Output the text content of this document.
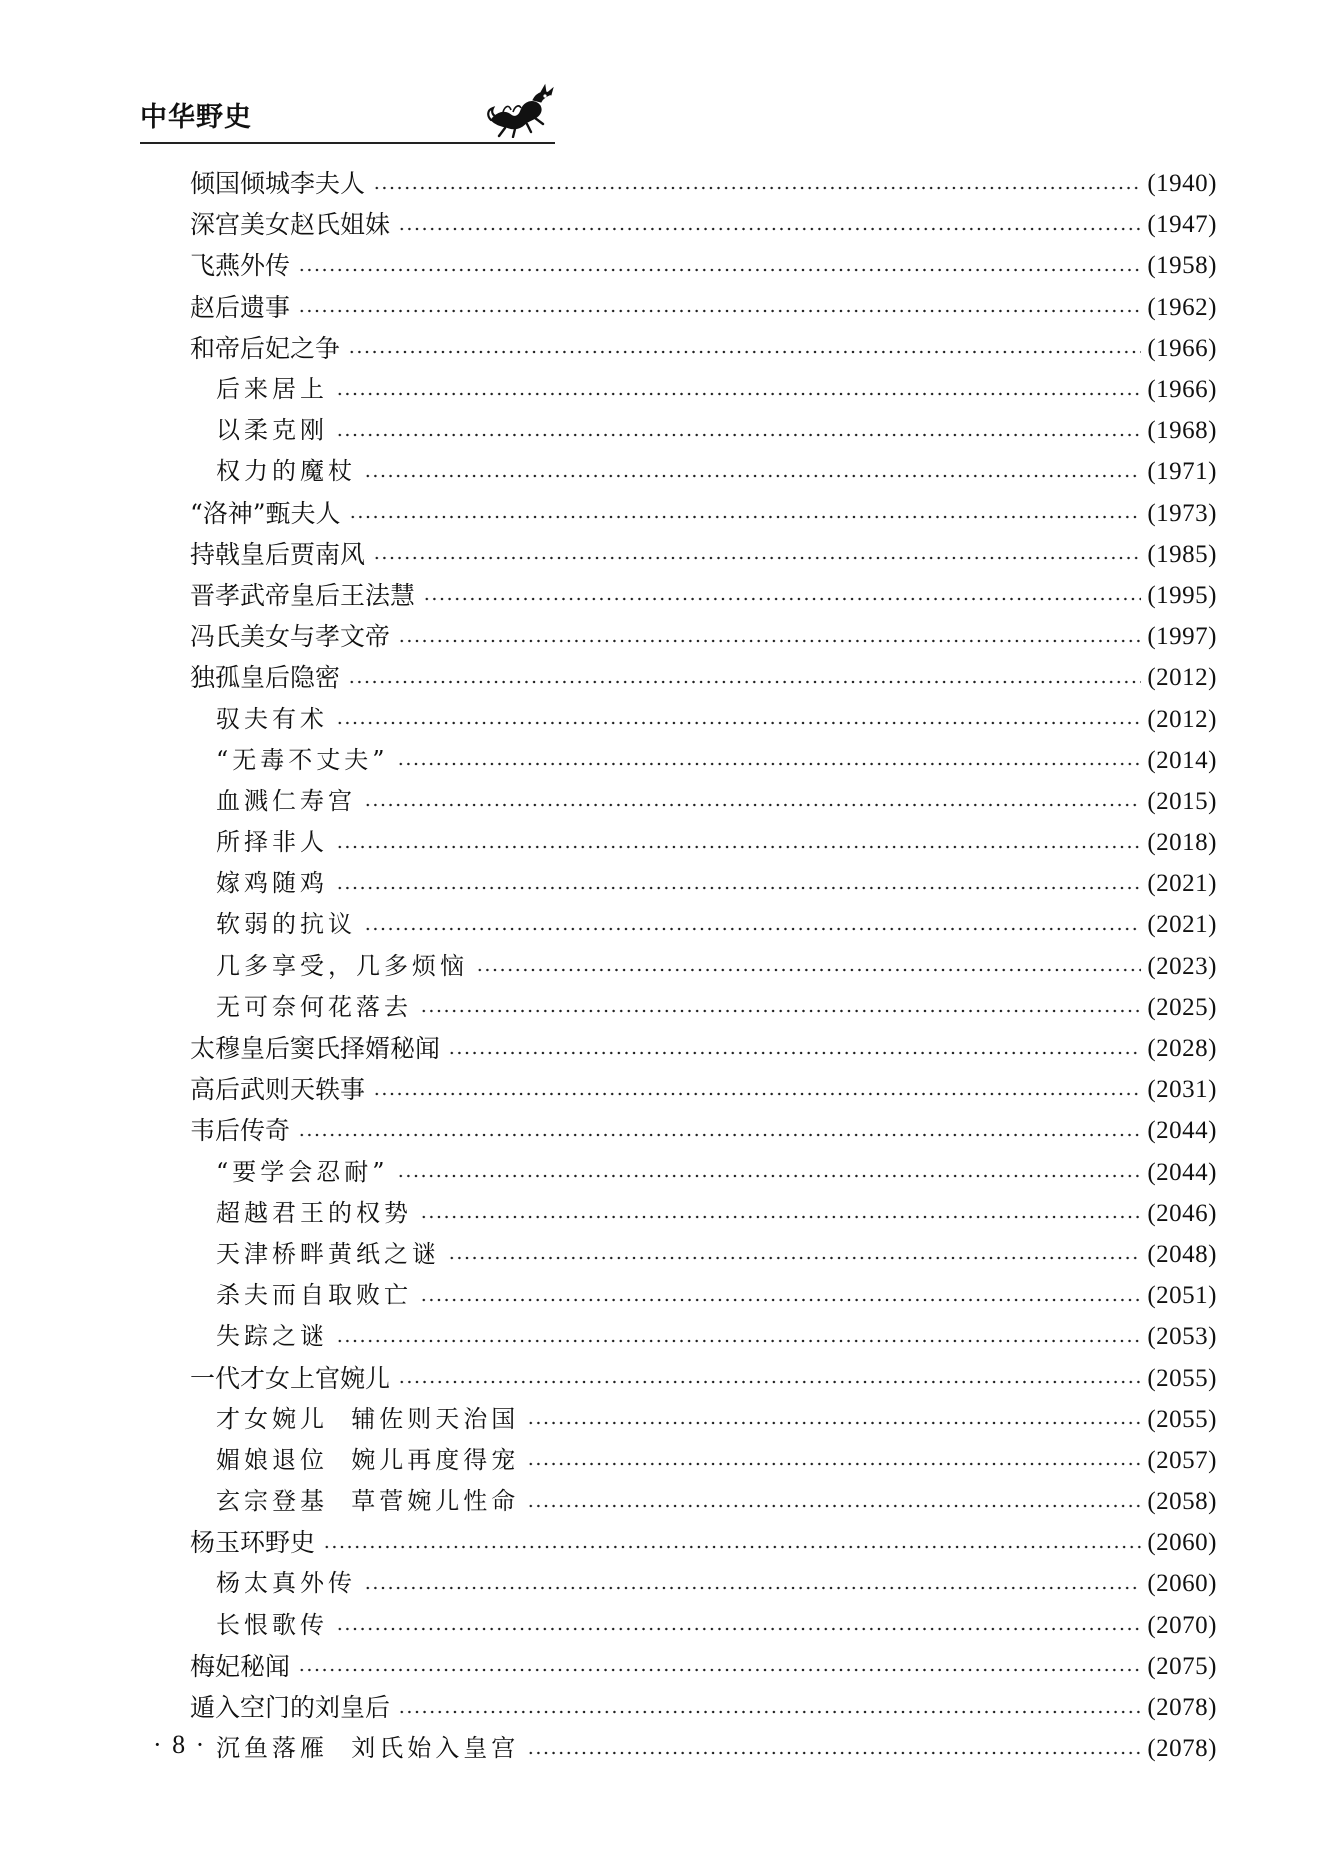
中华野史
倾国倾城李夫人	(1940)
深宫美女赵氏姐妹	(1947)
飞燕外传	(1958)
赵后遗事	(1962)
和帝后妃之争	(1966)
后来居上	(1966)
以柔克刚	(1968)
权力的魔杖	(1971)
“洛神”甄夫人	(1973)
持戟皇后贾南风	(1985)
晋孝武帝皇后王法慧	(1995)
冯氏美女与孝文帝	(1997)
独孤皇后隐密	(2012)
驭夫有术	(2012)
“无毒不丈夫”	(2014)
血溅仁寿宫	(2015)
所择非人	(2018)
嫁鸡随鸡	(2021)
软弱的抗议	(2021)
几多享受，几多烦恼	(2023)
无可奈何花落去	(2025)
太穆皇后窦氏择婿秘闻	(2028)
高后武则天轶事	(2031)
韦后传奇	(2044)
“要学会忍耐”	(2044)
超越君王的权势	(2046)
天津桥畔黄纸之谜	(2048)
杀夫而自取败亡	(2051)
失踪之谜	(2053)
一代才女上官婉儿	(2055)
才女婉儿  辅佐则天治国	(2055)
媚娘退位  婉儿再度得宠	(2057)
玄宗登基  草菅婉儿性命	(2058)
杨玉环野史	(2060)
杨太真外传	(2060)
长恨歌传	(2070)
梅妃秘闻	(2075)
遁入空门的刘皇后	(2078)
沉鱼落雁  刘氏始入皇宫	(2078)
· 8 ·
